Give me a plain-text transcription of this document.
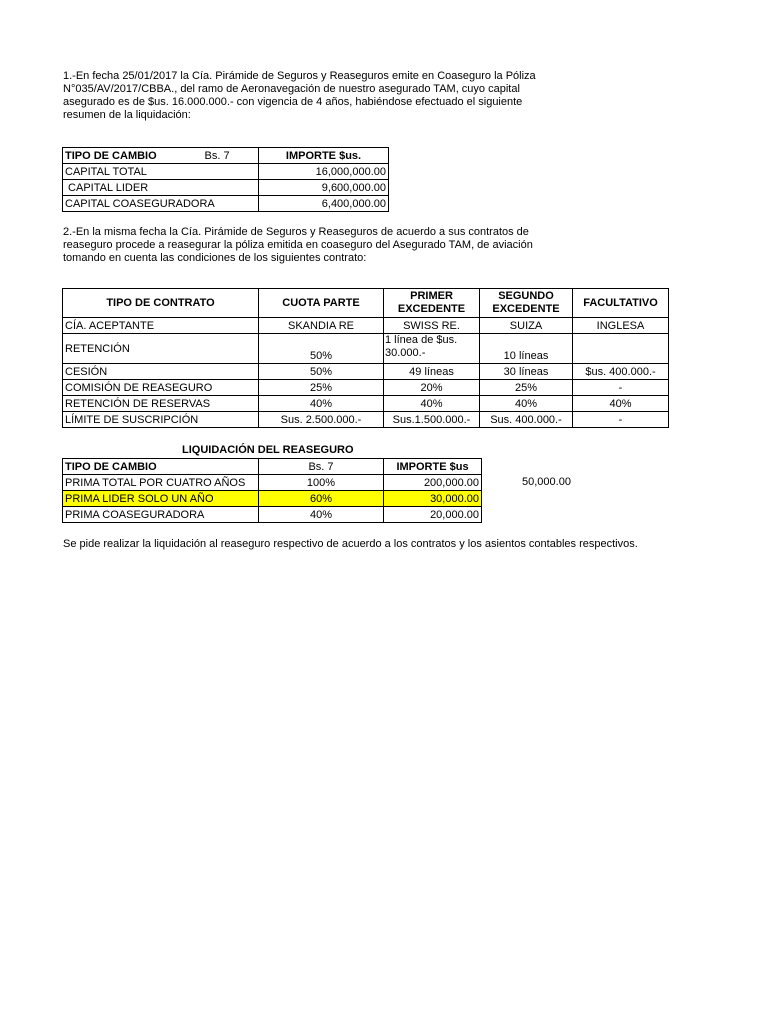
1.-En fecha 25/01/2017 la Cía. Pirámide de Seguros y Reaseguros emite en Coaseguro la Póliza
N°035/AV/2017/CBBA., del ramo de Aeronavegación de nuestro asegurado TAM, cuyo capital
asegurado es de $us. 16.000.000.- con vigencia de 4 años, habiéndose efectuado el siguiente
resumen de la liquidación:
TIPO DE CAMBIO	Bs. 7	IMPORTE $us.
CAPITAL TOTAL		16,000,000.00
CAPITAL LIDER		9,600,000.00
CAPITAL COASEGURADORA		6,400,000.00
2.-En la misma fecha la Cía. Pirámide de Seguros y Reaseguros de acuerdo a sus contratos de
reaseguro procede a reasegurar la póliza emitida en coaseguro del Asegurado TAM, de aviación
tomando en cuenta las condiciones de los siguientes contrato:
TIPO DE CONTRATO	CUOTA PARTE	PRIMER EXCEDENTE	SEGUNDO EXCEDENTE	FACULTATIVO
CÍA. ACEPTANTE	SKANDIA RE	SWISS RE.	SUIZA	INGLESA
RETENCIÓN	50%	1 línea de $us. 30.000.-	10 líneas	
CESIÓN	50%	49 líneas	30 líneas	$us. 400.000.-
COMISIÓN DE REASEGURO	25%	20%	25%	-
RETENCIÓN DE RESERVAS	40%	40%	40%	40%
LÍMITE DE SUSCRIPCIÓN	Sus. 2.500.000.-	Sus.1.500.000.-	Sus. 400.000.-	-
LIQUIDACIÓN DEL REASEGURO
TIPO DE CAMBIO	Bs. 7	IMPORTE $us
PRIMA TOTAL POR CUATRO AÑOS	100%	200,000.00
PRIMA LIDER SOLO UN AÑO	60%	30,000.00
PRIMA COASEGURADORA	40%	20,000.00
50,000.00
Se pide realizar la liquidación al reaseguro respectivo de acuerdo a los contratos y los asientos contables respectivos.
